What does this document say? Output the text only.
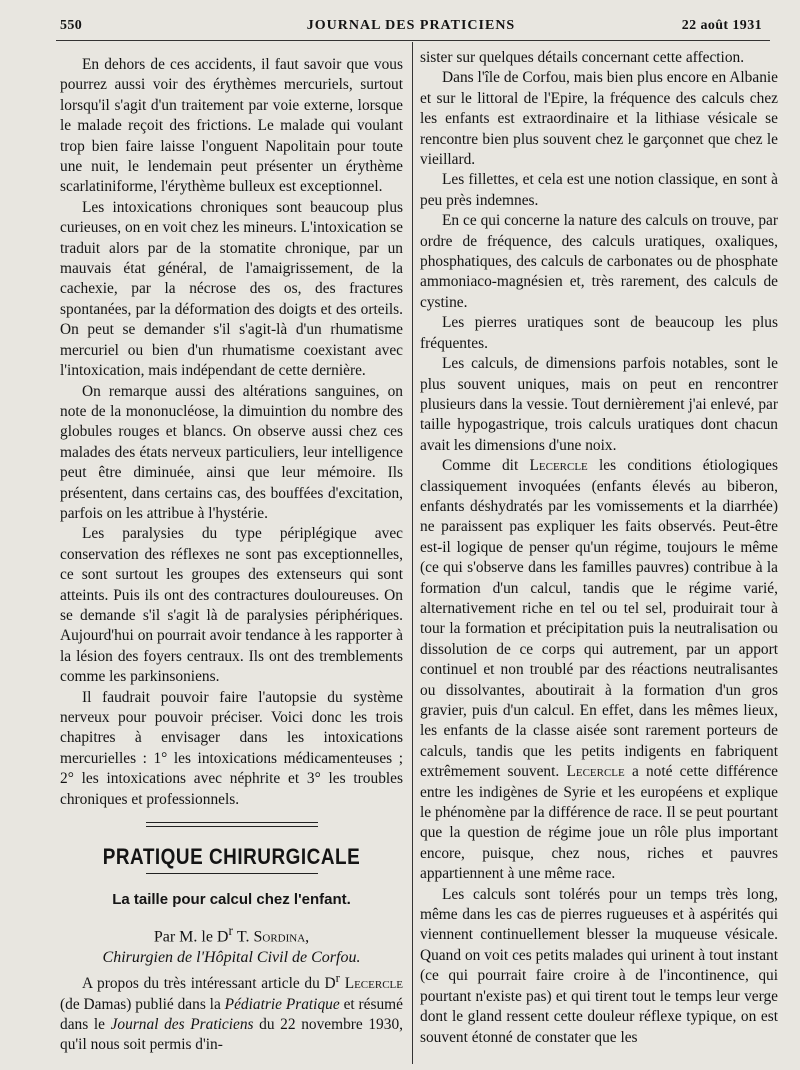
550	JOURNAL DES PRATICIENS	22 août 1931

En dehors de ces accidents, il faut savoir que vous pourrez aussi voir des érythèmes mercuriels, surtout lorsqu'il s'agit d'un traitement par voie externe, lorsque le malade reçoit des frictions. Le malade qui voulant trop bien faire laisse l'onguent Napolitain pour toute une nuit, le lendemain peut présenter un érythème scarlatiniforme, l'érythème bulleux est exceptionnel.

Les intoxications chroniques sont beaucoup plus curieuses, on en voit chez les mineurs. L'intoxication se traduit alors par de la stomatite chronique, par un mauvais état général, de l'amaigrissement, de la cachexie, par la nécrose des os, des fractures spontanées, par la déformation des doigts et des orteils. On peut se demander s'il s'agit-là d'un rhumatisme mercuriel ou bien d'un rhumatisme coexistant avec l'intoxication, mais indépendant de cette dernière.

On remarque aussi des altérations sanguines, on note de la mononucléose, la dimuintion du nombre des globules rouges et blancs. On observe aussi chez ces malades des états nerveux particuliers, leur intelligence peut être diminuée, ainsi que leur mémoire. Ils présentent, dans certains cas, des bouffées d'excitation, parfois on les attribue à l'hystérie.

Les paralysies du type périplégique avec conservation des réflexes ne sont pas exceptionnelles, ce sont surtout les groupes des extenseurs qui sont atteints. Puis ils ont des contractures douloureuses. On se demande s'il s'agit là de paralysies périphériques. Aujourd'hui on pourrait avoir tendance à les rapporter à la lésion des foyers centraux. Ils ont des tremblements comme les parkinsoniens.

Il faudrait pouvoir faire l'autopsie du système nerveux pour pouvoir préciser. Voici donc les trois chapitres à envisager dans les intoxications mercurielles : 1° les intoxications médicamenteuses ; 2° les intoxications avec néphrite et 3° les troubles chroniques et professionnels.

PRATIQUE CHIRURGICALE
La taille pour calcul chez l'enfant.

Par M. le $D^r$ T. Sordina,

Chirurgien de l'Hôpital Civil de Corfou.

A propos du très intéressant article du $D^r$ Lecercle (de Damas) publié dans la Pédiatrie Pratique et résumé dans le Journal des Praticiens du 22 novembre 1930, qu'il nous soit permis d'in-

sister sur quelques détails concernant cette affection.

Dans l'île de Corfou, mais bien plus encore en Albanie et sur le littoral de l'Epire, la fréquence des calculs chez les enfants est extraordinaire et la lithiase vésicale se rencontre bien plus souvent chez le garçonnet que chez le vieillard.

Les fillettes, et cela est une notion classique, en sont à peu près indemnes.

En ce qui concerne la nature des calculs on trouve, par ordre de fréquence, des calculs uratiques, oxaliques, phosphatiques, des calculs de carbonates ou de phosphate ammoniaco-magnésien et, très rarement, des calculs de cystine.

Les pierres uratiques sont de beaucoup les plus fréquentes.

Les calculs, de dimensions parfois notables, sont le plus souvent uniques, mais on peut en rencontrer plusieurs dans la vessie. Tout dernièrement j'ai enlevé, par taille hypogastrique, trois calculs uratiques dont chacun avait les dimensions d'une noix.

Comme dit Lecercle les conditions étiologiques classiquement invoquées (enfants élevés au biberon, enfants déshydratés par les vomissements et la diarrhée) ne paraissent pas expliquer les faits observés. Peut-être est-il logique de penser qu'un régime, toujours le même (ce qui s'observe dans les familles pauvres) contribue à la formation d'un calcul, tandis que le régime varié, alternativement riche en tel ou tel sel, produirait tour à tour la formation et précipitation puis la neutralisation ou dissolution de ce corps qui autrement, par un apport continuel et non troublé par des réactions neutralisantes ou dissolvantes, aboutirait à la formation d'un gros gravier, puis d'un calcul. En effet, dans les mêmes lieux, les enfants de la classe aisée sont rarement porteurs de calculs, tandis que les petits indigents en fabriquent extrêmement souvent. Lecercle a noté cette différence entre les indigènes de Syrie et les européens et explique le phénomène par la différence de race. Il se peut pourtant que la question de régime joue un rôle plus important encore, puisque, chez nous, riches et pauvres appartiennent à une même race.

Les calculs sont tolérés pour un temps très long, même dans les cas de pierres rugueuses et à aspérités qui viennent continuellement blesser la muqueuse vésicale. Quand on voit ces petits malades qui urinent à tout instant (ce qui pourrait faire croire à de l'incontinence, qui pourtant n'existe pas) et qui tirent tout le temps leur verge dont le gland ressent cette douleur réflexe typique, on est souvent étonné de constater que les
